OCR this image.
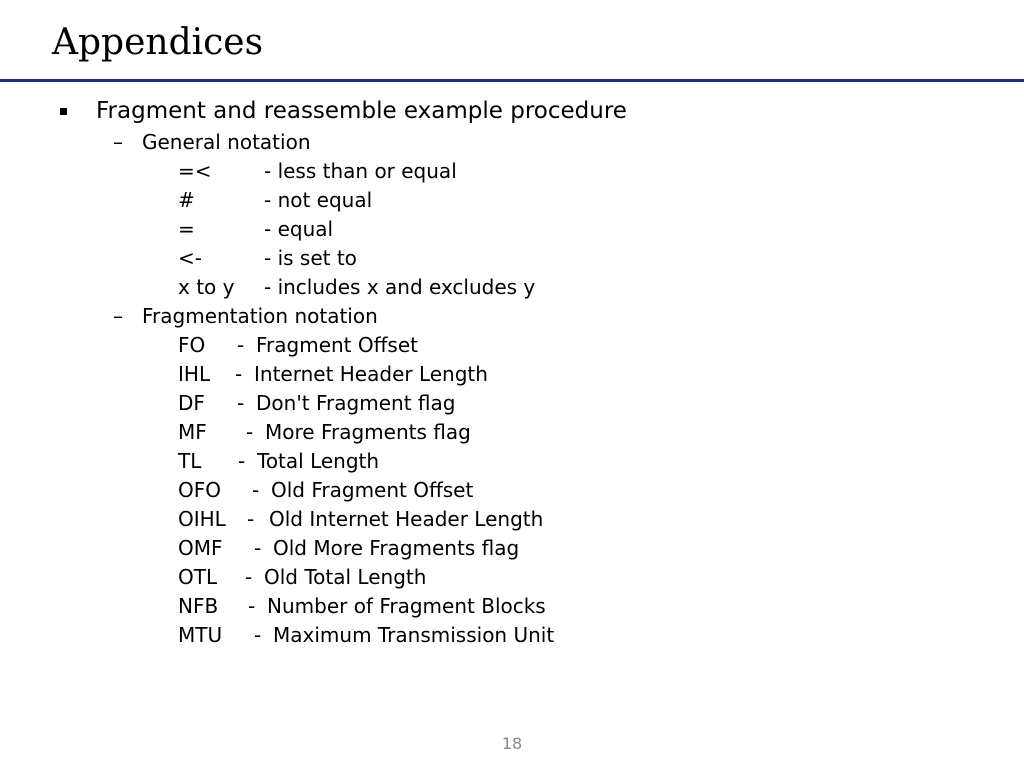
Appendices
Fragment and reassemble example procedure
– General notation
=<	- less than or equal
#	- not equal
=	- equal
<-	- is set to
x to y	- includes x and excludes y
– Fragmentation notation
FO	- Fragment Offset
IHL	- Internet Header Length
DF	- Don't Fragment flag
MF	- More Fragments flag
TL	- Total Length
OFO	- Old Fragment Offset
OIHL	- Old Internet Header Length
OMF	- Old More Fragments flag
OTL	- Old Total Length
NFB	- Number of Fragment Blocks
MTU	- Maximum Transmission Unit
18
